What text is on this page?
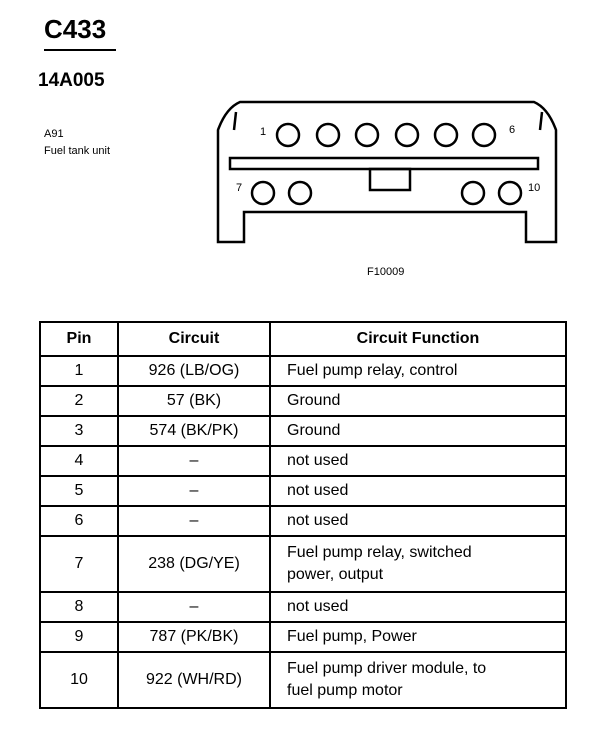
C433
14A005
A91
Fuel tank unit
1	6
7	10
F10009
Pin	Circuit	Circuit Function
1	926 (LB/OG)	Fuel pump relay, control

2	57 (BK)	Ground

3	574 (BK/PK)	Ground

4	–	not used

5	–	not used

6	–	not used

7	238 (DG/YE)	Fuel pump relay, switched
power, output

8	–	not used

9	787 (PK/BK)	Fuel pump, Power

10	922 (WH/RD)	Fuel pump driver module, to
fuel pump motor
